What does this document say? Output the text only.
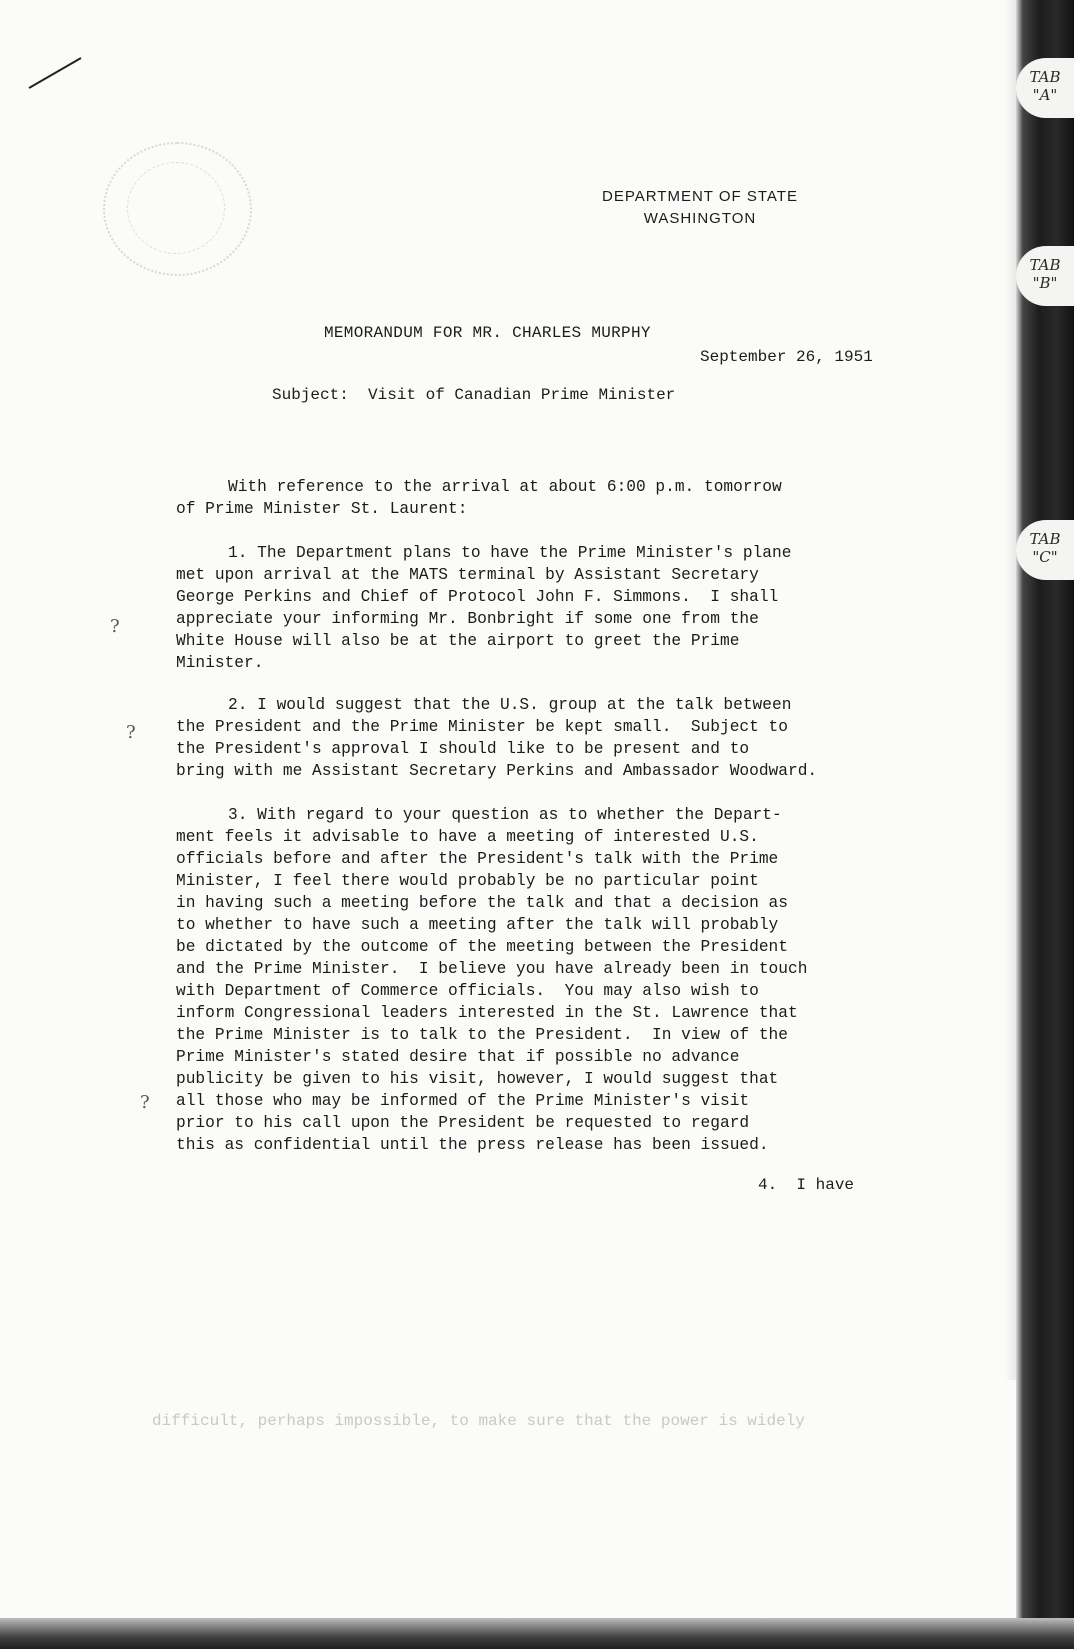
TAB
"A"
TAB
"B"
TAB
"C"
DEPARTMENT OF STATE
WASHINGTON
MEMORANDUM FOR MR. CHARLES MURPHY
September 26, 1951
Subject:  Visit of Canadian Prime Minister
With reference to the arrival at about 6:00 p.m. tomorrow
of Prime Minister St. Laurent:
1. The Department plans to have the Prime Minister's plane
met upon arrival at the MATS terminal by Assistant Secretary
George Perkins and Chief of Protocol John F. Simmons.  I shall
appreciate your informing Mr. Bonbright if some one from the
White House will also be at the airport to greet the Prime
Minister.
2. I would suggest that the U.S. group at the talk between
the President and the Prime Minister be kept small.  Subject to
the President's approval I should like to be present and to
bring with me Assistant Secretary Perkins and Ambassador Woodward.
3. With regard to your question as to whether the Depart-
ment feels it advisable to have a meeting of interested U.S.
officials before and after the President's talk with the Prime
Minister, I feel there would probably be no particular point
in having such a meeting before the talk and that a decision as
to whether to have such a meeting after the talk will probably
be dictated by the outcome of the meeting between the President
and the Prime Minister.  I believe you have already been in touch
with Department of Commerce officials.  You may also wish to
inform Congressional leaders interested in the St. Lawrence that
the Prime Minister is to talk to the President.  In view of the
Prime Minister's stated desire that if possible no advance
publicity be given to his visit, however, I would suggest that
all those who may be informed of the Prime Minister's visit
prior to his call upon the President be requested to regard
this as confidential until the press release has been issued.
4.  I have
difficult, perhaps impossible, to make sure that the power is widely
?
?
?
